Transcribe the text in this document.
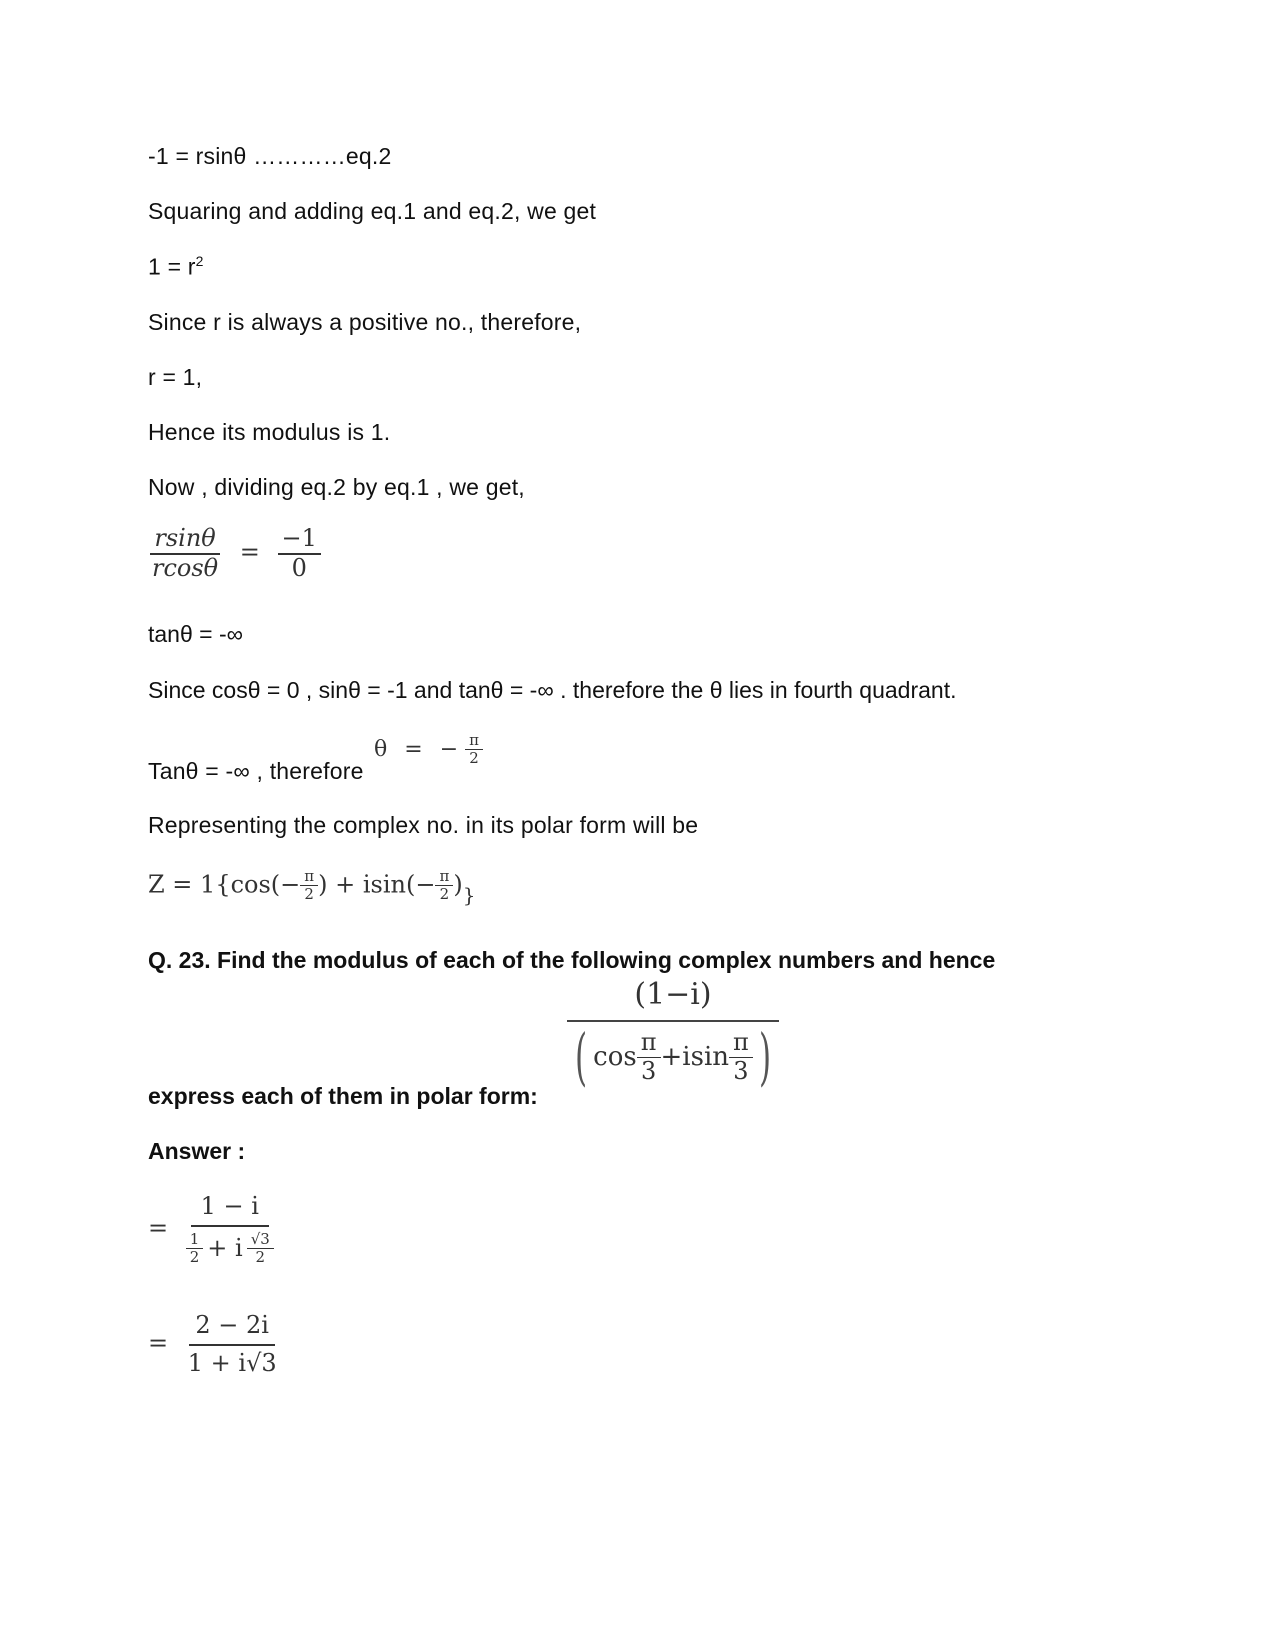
-1 = rsinθ …………eq.2
Squaring and adding eq.1 and eq.2, we get
$1 = r^2$
Since r is always a positive no., therefore,
r = 1,
Hence its modulus is 1.
Now , dividing eq.2 by eq.1 , we get,
$\frac{rsin\theta}{rcos\theta} = \frac{-1}{0}$
tanθ = -∞
Since cosθ = 0 , sinθ = -1 and tanθ = -∞ . therefore the θ lies in fourth quadrant.
Tanθ = -∞ , therefore
θ = − $\frac{\pi}{2}$
Representing the complex no. in its polar form will be
$Z = 1\{\cos(- \frac{\pi}{2}$ ) + $isin(- \frac{\pi}{2} )_{\}}$
Q. 23. Find the modulus of each of the following complex numbers and hence
express each of them in polar form:
(1−i)
( $\cos \frac{\pi}{3} +isin \frac{\pi}{3}$ )
Answer :
= $\frac{1 - i}{\frac{1}{2} + i \frac{√3}{2}}$
= $\frac{2 - 2i}{1 + i√3}$
